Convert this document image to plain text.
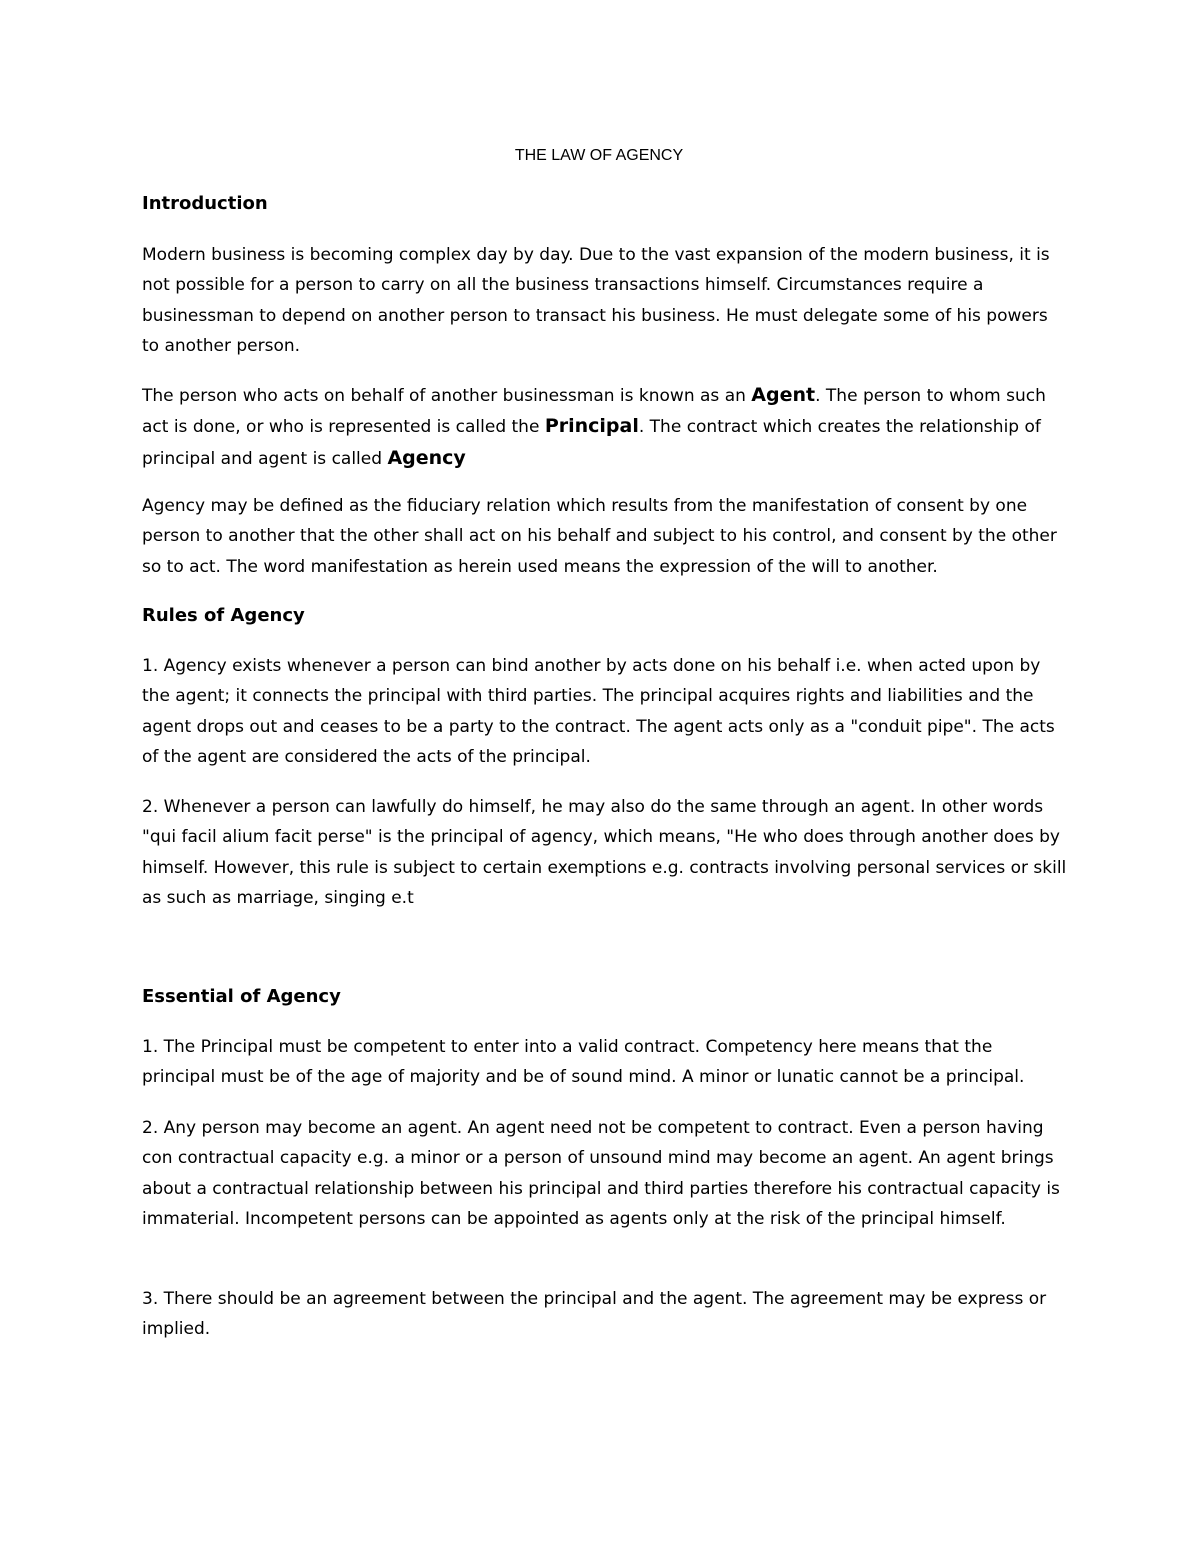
THE LAW OF AGENCY
Introduction

Modern business is becoming complex day by day. Due to the vast expansion of the modern business, it is not possible for a person to carry on all the business transactions himself. Circumstances require a businessman to depend on another person to transact his business. He must delegate some of his powers to another person.

The person who acts on behalf of another businessman is known as an Agent. The person to whom such act is done, or who is represented is called the Principal. The contract which creates the relationship of principal and agent is called Agency

Agency may be defined as the fiduciary relation which results from the manifestation of consent by one person to another that the other shall act on his behalf and subject to his control, and consent by the other so to act. The word manifestation as herein used means the expression of the will to another.

Rules of Agency

1. Agency exists whenever a person can bind another by acts done on his behalf i.e. when acted upon by the agent; it connects the principal with third parties. The principal acquires rights and liabilities and the agent drops out and ceases to be a party to the contract. The agent acts only as a "conduit pipe". The acts of the agent are considered the acts of the principal.

2. Whenever a person can lawfully do himself, he may also do the same through an agent. In other words "qui facil alium facit perse" is the principal of agency, which means, "He who does through another does by himself. However, this rule is subject to certain exemptions e.g. contracts involving personal services or skill as such as marriage, singing e.t

Essential of Agency

1. The Principal must be competent to enter into a valid contract. Competency here means that the principal must be of the age of majority and be of sound mind. A minor or lunatic cannot be a principal.

2. Any person may become an agent. An agent need not be competent to contract. Even a person having con contractual capacity e.g. a minor or a person of unsound mind may become an agent. An agent brings about a contractual relationship between his principal and third parties therefore his contractual capacity is immaterial. Incompetent persons can be appointed as agents only at the risk of the principal himself.

3. There should be an agreement between the principal and the agent. The agreement may be express or implied.
